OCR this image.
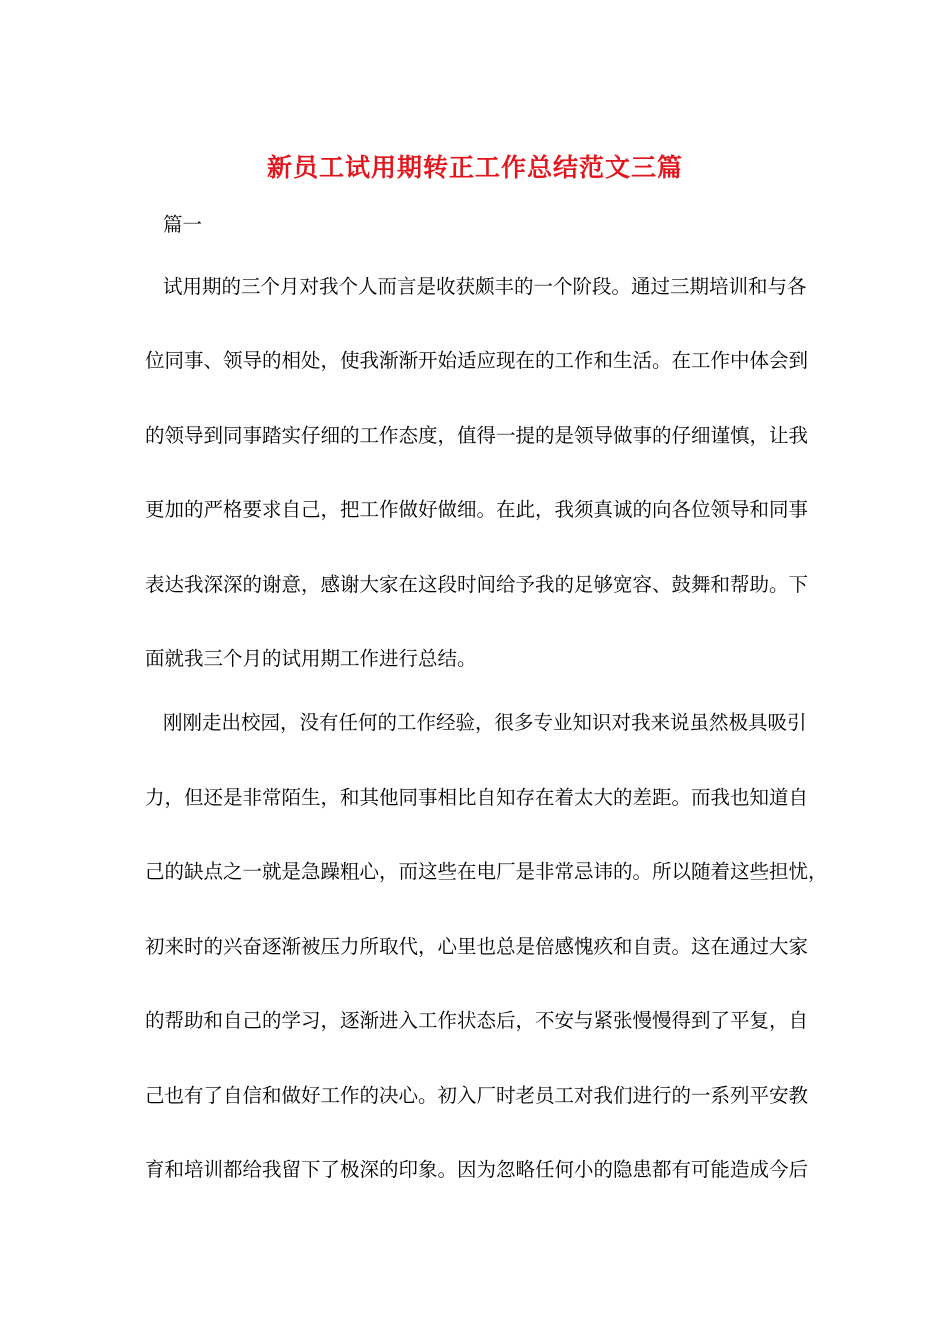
新员工试用期转正工作总结范文三篇
篇一
试用期的三个月对我个人而言是收获颇丰的一个阶段。通过三期培训和与各
位同事、领导的相处，使我渐渐开始适应现在的工作和生活。在工作中体会到
的领导到同事踏实仔细的工作态度，值得一提的是领导做事的仔细谨慎，让我
更加的严格要求自己，把工作做好做细。在此，我须真诚的向各位领导和同事
表达我深深的谢意，感谢大家在这段时间给予我的足够宽容、鼓舞和帮助。下
面就我三个月的试用期工作进行总结。
刚刚走出校园，没有任何的工作经验，很多专业知识对我来说虽然极具吸引
力，但还是非常陌生，和其他同事相比自知存在着太大的差距。而我也知道自
己的缺点之一就是急躁粗心，而这些在电厂是非常忌讳的。所以随着这些担忧，
初来时的兴奋逐渐被压力所取代，心里也总是倍感愧疚和自责。这在通过大家
的帮助和自己的学习，逐渐进入工作状态后，不安与紧张慢慢得到了平复，自
己也有了自信和做好工作的决心。初入厂时老员工对我们进行的一系列平安教
育和培训都给我留下了极深的印象。因为忽略任何小的隐患都有可能造成今后
